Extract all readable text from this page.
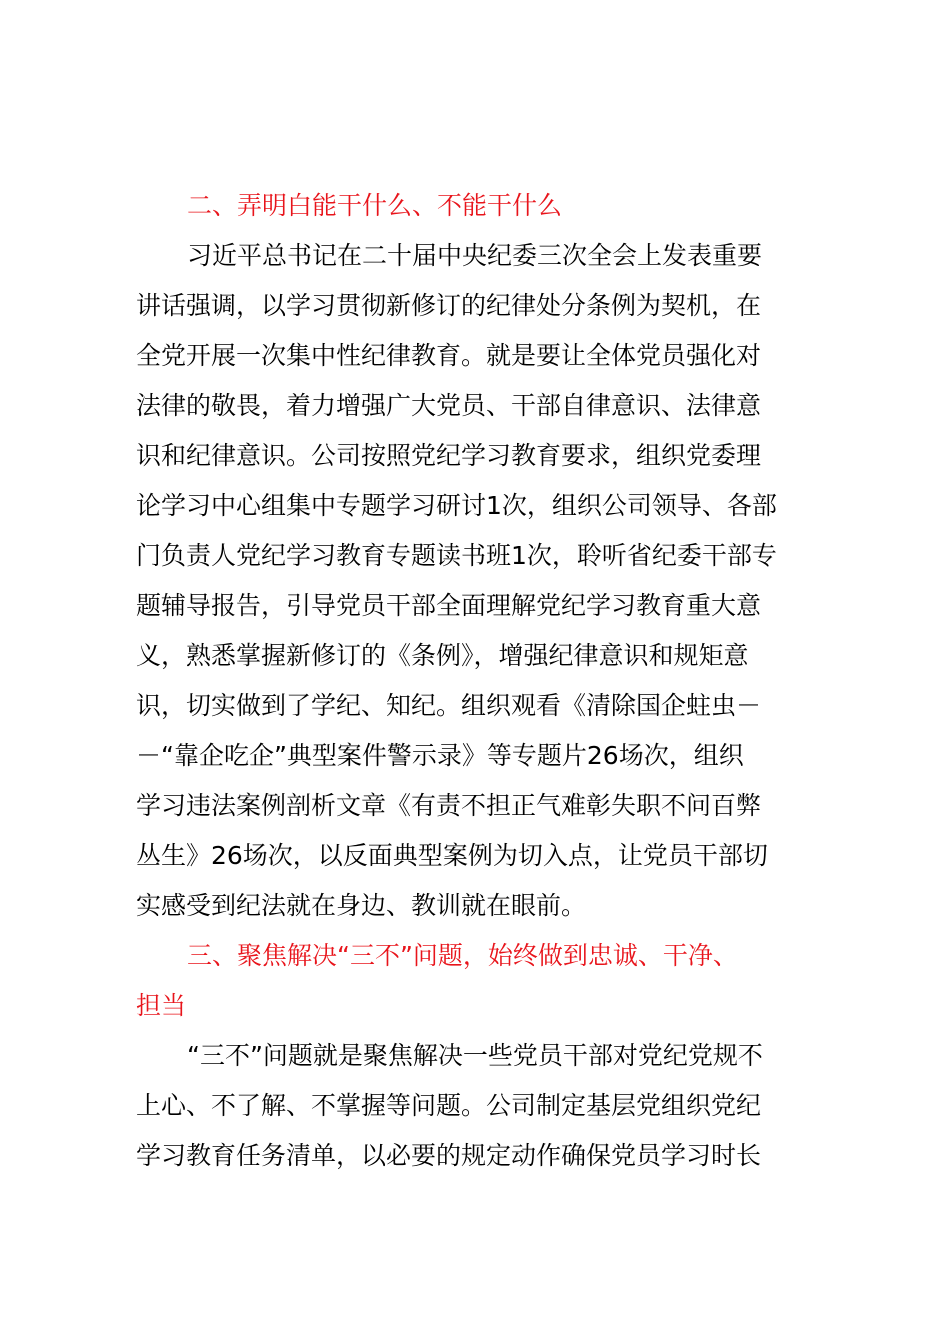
二、弄明白能干什么、不能干什么
习近平总书记在二十届中央纪委三次全会上发表重要
讲话强调，以学习贯彻新修订的纪律处分条例为契机，在
全党开展一次集中性纪律教育。就是要让全体党员强化对
法律的敬畏，着力增强广大党员、干部自律意识、法律意
识和纪律意识。公司按照党纪学习教育要求，组织党委理
论学习中心组集中专题学习研讨1次，组织公司领导、各部
门负责人党纪学习教育专题读书班1次，聆听省纪委干部专
题辅导报告，引导党员干部全面理解党纪学习教育重大意
义，熟悉掌握新修订的《条例》，增强纪律意识和规矩意
识，切实做到了学纪、知纪。组织观看《清除国企蛀虫－
－“靠企吃企”典型案件警示录》等专题片26场次，组织
学习违法案例剖析文章《有责不担正气难彰失职不问百弊
丛生》26场次，以反面典型案例为切入点，让党员干部切
实感受到纪法就在身边、教训就在眼前。
三、聚焦解决“三不”问题，始终做到忠诚、干净、
担当
“三不”问题就是聚焦解决一些党员干部对党纪党规不
上心、不了解、不掌握等问题。公司制定基层党组织党纪
学习教育任务清单，以必要的规定动作确保党员学习时长
